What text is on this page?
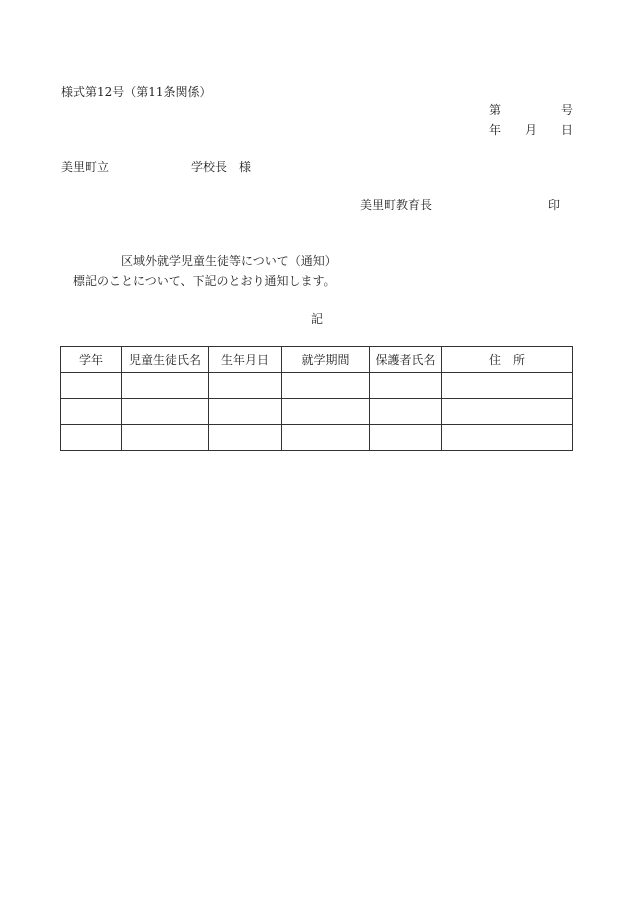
様式第12号（第11条関係）
第	号
年 月 日
美里町立	学校長 様
美里町教育長	印
区域外就学児童生徒等について（通知）
標記のことについて、下記のとおり通知します。
記
学年	児童生徒氏名	生年月日	就学期間	保護者氏名	住　所
